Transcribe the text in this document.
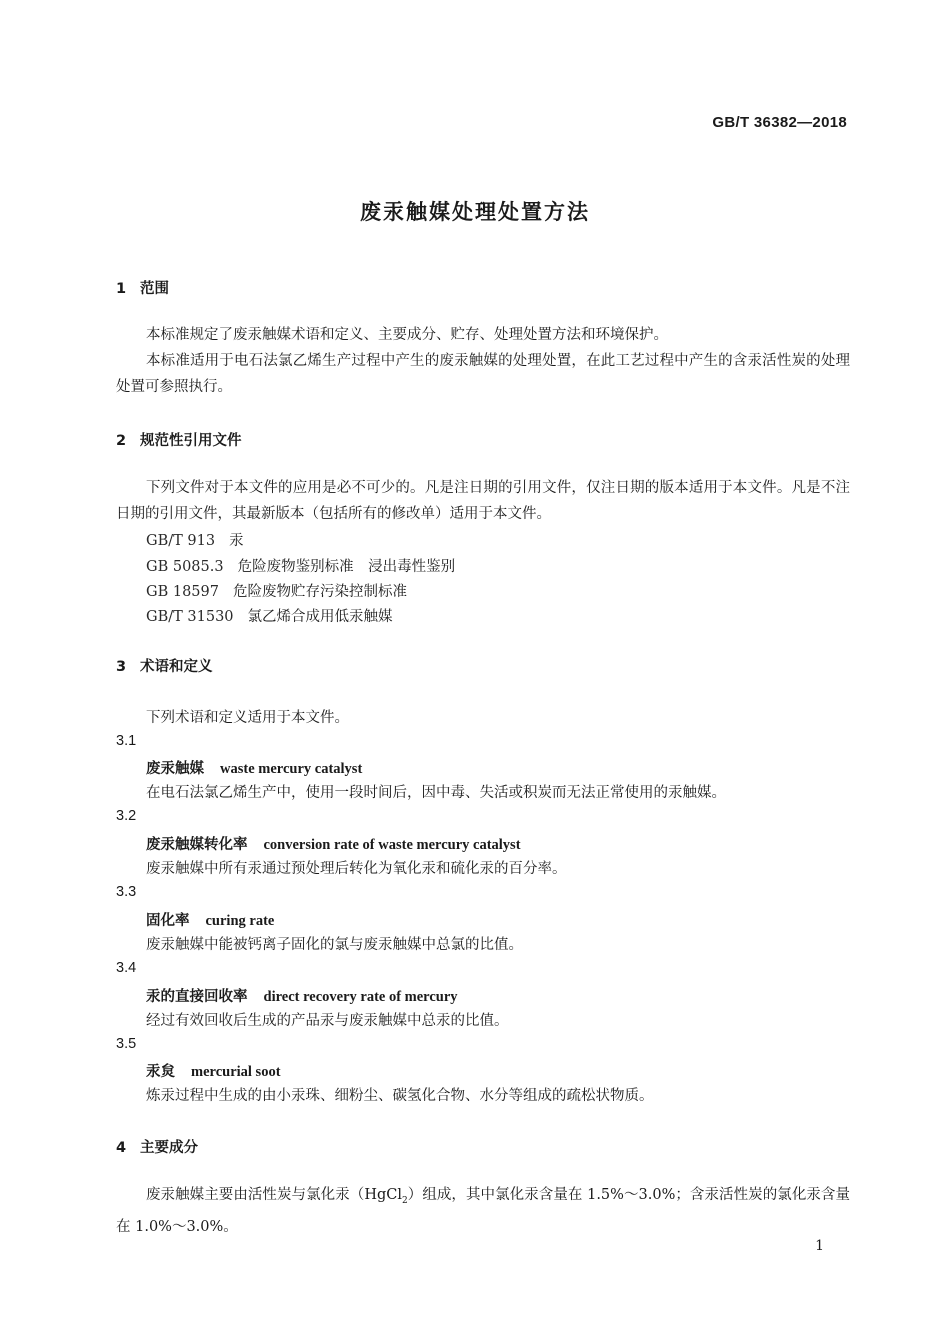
GB/T 36382—2018
废汞触媒处理处置方法
1 范围
本标准规定了废汞触媒术语和定义、主要成分、贮存、处理处置方法和环境保护。
本标准适用于电石法氯乙烯生产过程中产生的废汞触媒的处理处置，在此工艺过程中产生的含汞活性炭的处理处置可参照执行。
2 规范性引用文件
下列文件对于本文件的应用是必不可少的。凡是注日期的引用文件，仅注日期的版本适用于本文件。凡是不注日期的引用文件，其最新版本（包括所有的修改单）适用于本文件。
GB/T 913 汞
GB 5085.3 危险废物鉴别标准　浸出毒性鉴别
GB 18597 危险废物贮存污染控制标准
GB/T 31530 氯乙烯合成用低汞触媒
3 术语和定义
下列术语和定义适用于本文件。
3.1
废汞触媒 waste mercury catalyst
在电石法氯乙烯生产中，使用一段时间后，因中毒、失活或积炭而无法正常使用的汞触媒。
3.2
废汞触媒转化率 conversion rate of waste mercury catalyst
废汞触媒中所有汞通过预处理后转化为氧化汞和硫化汞的百分率。
3.3
固化率 curing rate
废汞触媒中能被钙离子固化的氯与废汞触媒中总氯的比值。
3.4
汞的直接回收率 direct recovery rate of mercury
经过有效回收后生成的产品汞与废汞触媒中总汞的比值。
3.5
汞炱 mercurial soot
炼汞过程中生成的由小汞珠、细粉尘、碳氢化合物、水分等组成的疏松状物质。
4 主要成分
废汞触媒主要由活性炭与氯化汞（HgCl$_2$）组成，其中氯化汞含量在 1.5%～3.0%；含汞活性炭的氯化汞含量在 1.0%～3.0%。
1
